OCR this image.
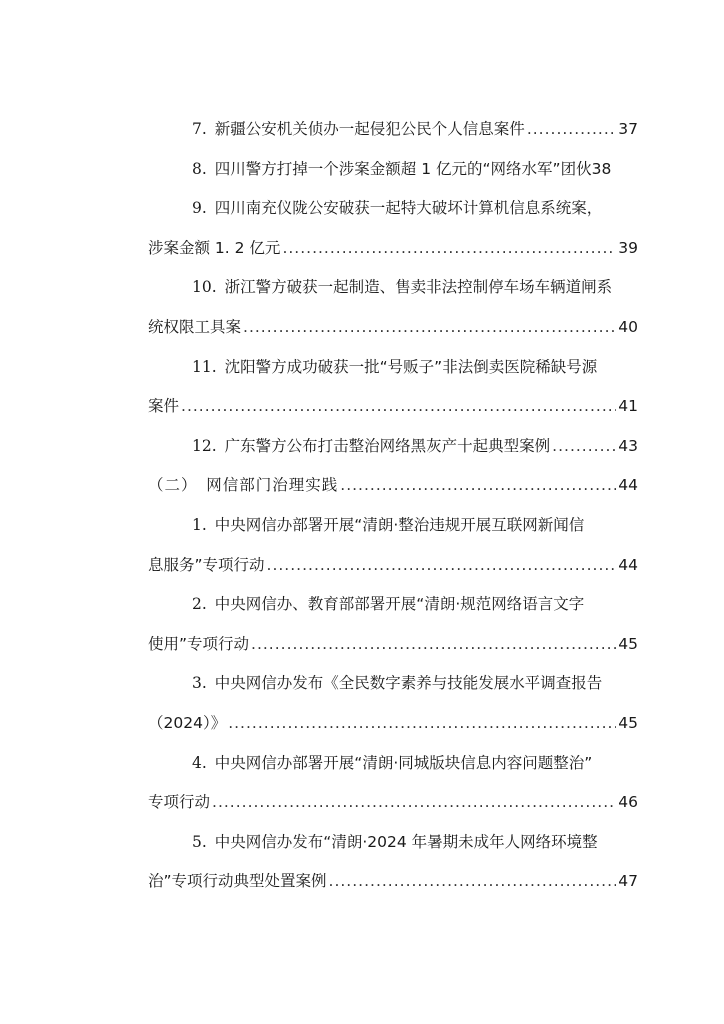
7. 新疆公安机关侦办一起侵犯公民个人信息案件 .....	37
8. 四川警方打掉一个涉案金额超 1 亿元的“网络水军”团伙 38
9. 四川南充仪陇公安破获一起特大破坏计算机信息系统案，
涉案金额 1. 2 亿元 .....	39
10. 浙江警方破获一起制造、售卖非法控制停车场车辆道闸系
统权限工具案 .....	40
11. 沈阳警方成功破获一批“号贩子”非法倒卖医院稀缺号源
案件 .....	41
12. 广东警方公布打击整治网络黑灰产十起典型案例 .....	43
（二）　网信部门治理实践 .....	44
1. 中央网信办部署开展“清朗·整治违规开展互联网新闻信
息服务”专项行动 .....	44
2. 中央网信办、教育部部署开展“清朗·规范网络语言文字
使用”专项行动 .....	45
3. 中央网信办发布《全民数字素养与技能发展水平调查报告
（2024）》 .....	45
4. 中央网信办部署开展“清朗·同城版块信息内容问题整治”
专项行动 .....	46
5. 中央网信办发布“清朗·2024 年暑期未成年人网络环境整
治”专项行动典型处置案例 .....	47
